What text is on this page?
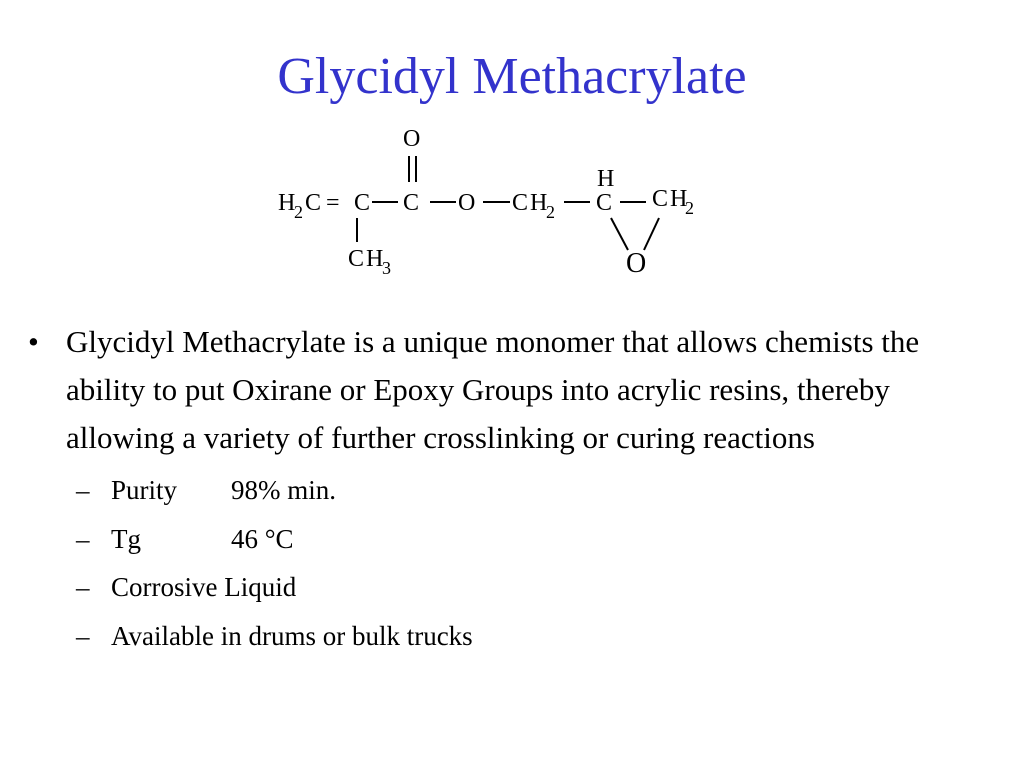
Glycidyl Methacrylate
O
H
2 C = C C O C H
2
H
C C H
2
C H
3	O
• Glycidyl Methacrylate is a unique monomer that allows chemists the ability to put Oxirane or Epoxy Groups into acrylic resins, thereby allowing a variety of further crosslinking or curing reactions
– Purity	98% min.
– Tg	46 °C
– Corrosive Liquid
– Available in drums or bulk trucks
